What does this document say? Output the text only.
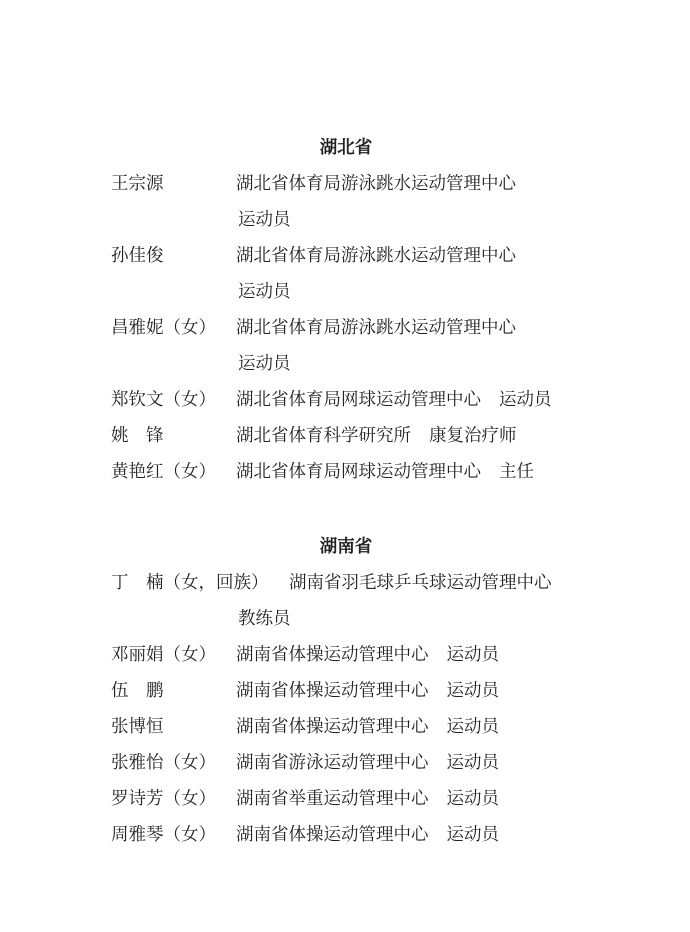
湖北省
王宗源	湖北省体育局游泳跳水运动管理中心
运动员
孙佳俊	湖北省体育局游泳跳水运动管理中心
运动员
昌雅妮（女）	湖北省体育局游泳跳水运动管理中心
运动员
郑钦文（女）	湖北省体育局网球运动管理中心 运动员
姚　锋	湖北省体育科学研究所 康复治疗师
黄艳红（女）	湖北省体育局网球运动管理中心 主任
湖南省
丁　楠（女，回族）	湖南省羽毛球乒乓球运动管理中心
教练员
邓丽娟（女）	湖南省体操运动管理中心 运动员
伍　鹏	湖南省体操运动管理中心 运动员
张博恒	湖南省体操运动管理中心 运动员
张雅怡（女）	湖南省游泳运动管理中心 运动员
罗诗芳（女）	湖南省举重运动管理中心 运动员
周雅琴（女）	湖南省体操运动管理中心 运动员
